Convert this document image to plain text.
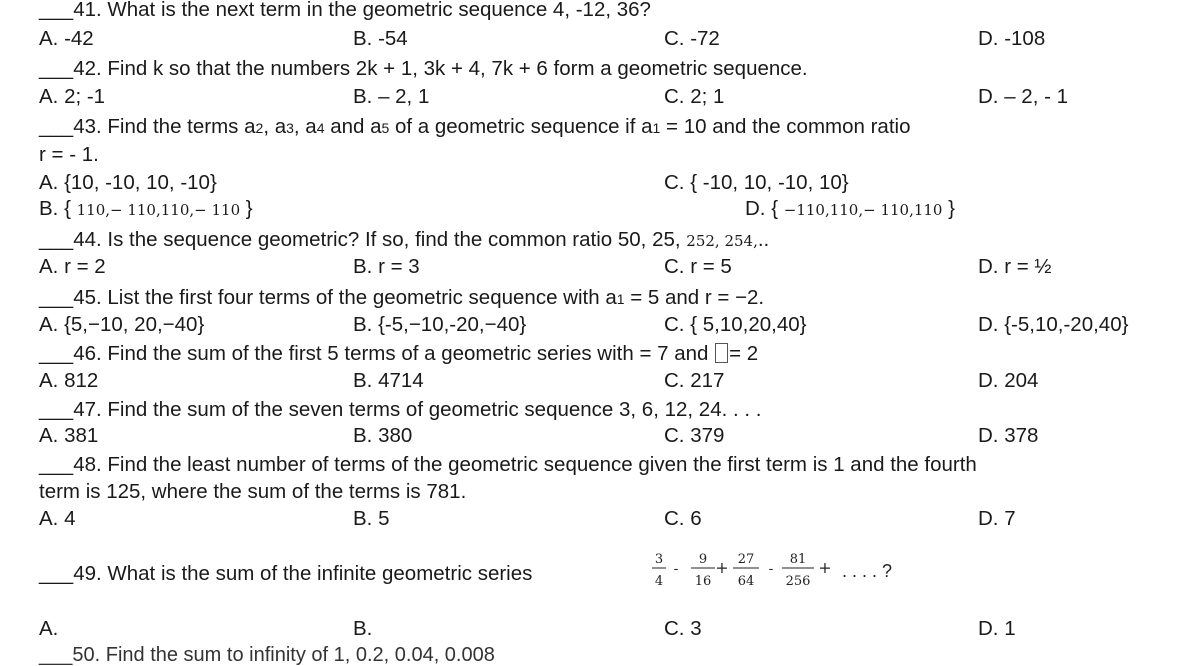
___41. What is the next term in the geometric sequence 4, -12, 36?
A. -42	B. -54	C. -72	D. -108
___42. Find k so that the numbers 2k + 1, 3k + 4, 7k + 6 form a geometric sequence.
A. 2; -1	B. – 2, 1	C. 2; 1	D. – 2, - 1
___43. Find the terms a2, a3, a4 and a5 of a geometric sequence if a1 = 10 and the common ratio
r = - 1.
A. {10, -10, 10, -10}	C. { -10, 10, -10, 10}
B. { 110,− 110,110,− 110 }	D. { −110,110,− 110,110 }
___44. Is the sequence geometric? If so, find the common ratio 50, 25, 252, 254,..
A. r = 2	B. r = 3	C. r = 5	D. r = ½
___45. List the first four terms of the geometric sequence with a1 = 5 and r = −2.
A. {5,−10, 20,−40}	B. {-5,−10,-20,−40}	C. { 5,10,20,40}	D. {-5,10,-20,40}
___46. Find the sum of the first 5 terms of a geometric series with = 7 and = 2
A. 812	B. 4714	C. 217	D. 204
___47. Find the sum of the seven terms of geometric sequence 3, 6, 12, 24. . . .
A. 381	B. 380	C. 379	D. 378
___48. Find the least number of terms of the geometric sequence given the first term is 1 and the fourth
term is 125, where the sum of the terms is 781.
A. 4	B. 5	C. 6	D. 7
___49. What is the sum of the infinite geometric series
3
4
-
9
16
+ 27
64
-
81
256
+ . . . . ?
A.	B.	C. 3	D. 1
___50. Find the sum to infinity of 1, 0.2, 0.04, 0.008
